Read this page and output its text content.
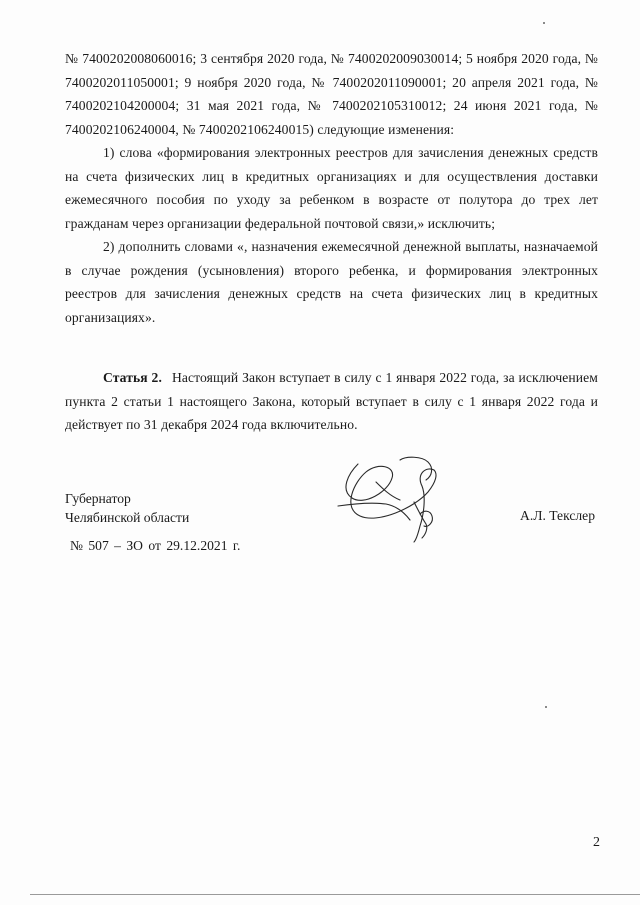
№ 7400202008060016; 3 сентября 2020 года, № 7400202009030014; 5 ноября 2020 года, № 7400202011050001; 9 ноября 2020 года, № 7400202011090001; 20 апреля 2021 года, № 7400202104200004; 31 мая 2021 года, № 7400202105310012; 24 июня 2021 года, № 7400202106240004, № 7400202106240015) следующие изменения:

1) слова «формирования электронных реестров для зачисления денежных средств на счета физических лиц в кредитных организациях и для осуществления доставки ежемесячного пособия по уходу за ребенком в возрасте от полутора до трех лет гражданам через организации федеральной почтовой связи,» исключить;

2) дополнить словами «, назначения ежемесячной денежной выплаты, назначаемой в случае рождения (усыновления) второго ребенка, и формирования электронных реестров для зачисления денежных средств на счета физических лиц в кредитных организациях».

Статья 2. Настоящий Закон вступает в силу с 1 января 2022 года, за исключением пункта 2 статьи 1 настоящего Закона, который вступает в силу с 1 января 2022 года и действует по 31 декабря 2024 года включительно.

Губернатор
Челябинской области	А.Л. Текслер
№ 507 – ЗО от 29.12.2021 г.
2
